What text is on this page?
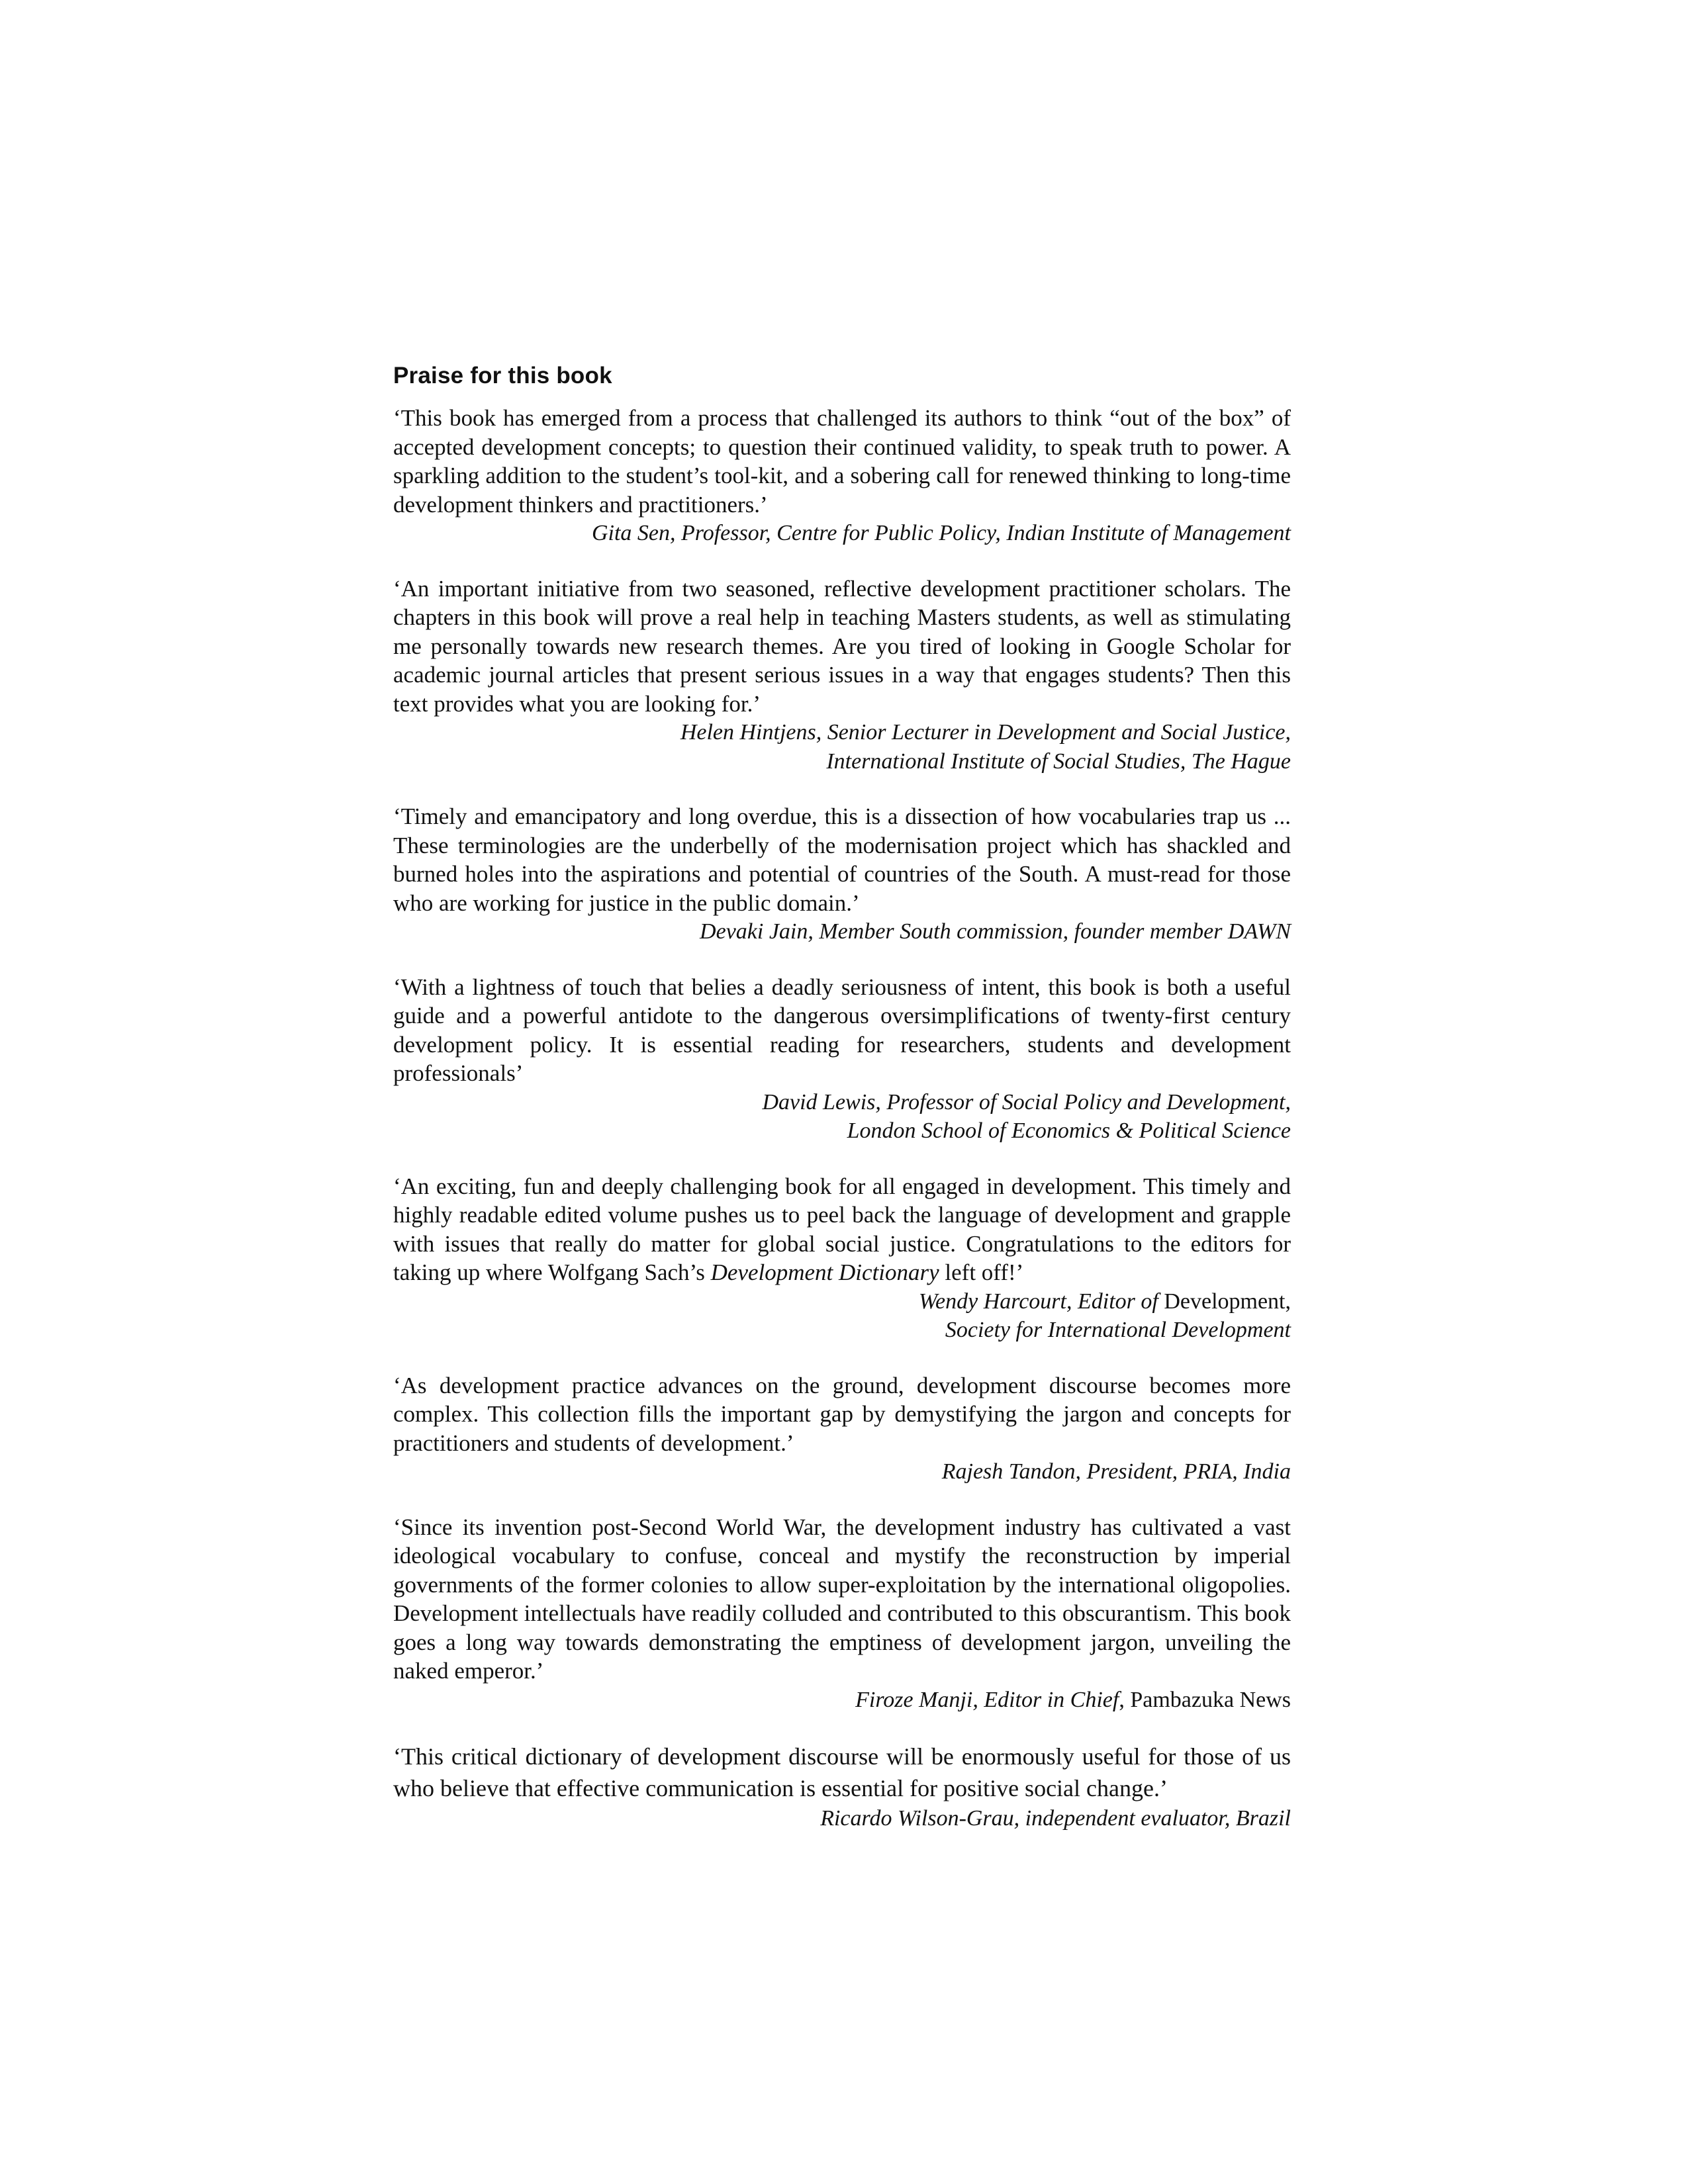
Praise for this book

‘This book has emerged from a process that challenged its authors to think “out of the box” of accepted development concepts; to question their continued validity, to speak truth to power. A sparkling addition to the student’s tool-kit, and a sobering call for renewed thinking to long-time development thinkers and practitioners.’

Gita Sen, Professor, Centre for Public Policy, Indian Institute of Management

‘An important initiative from two seasoned, reflective development practitioner scholars. The chapters in this book will prove a real help in teaching Masters students, as well as stimulating me personally towards new research themes. Are you tired of looking in Google Scholar for academic journal articles that present serious issues in a way that engages students? Then this text provides what you are looking for.’

Helen Hintjens, Senior Lecturer in Development and Social Justice,
International Institute of Social Studies, The Hague

‘Timely and emancipatory and long overdue, this is a dissection of how vocabularies trap us ... These terminologies are the underbelly of the modernisation project which has shackled and burned holes into the aspirations and potential of countries of the South. A must-read for those who are working for justice in the public domain.’

Devaki Jain, Member South commission, founder member DAWN

‘With a lightness of touch that belies a deadly seriousness of intent, this book is both a useful guide and a powerful antidote to the dangerous oversimplifications of twenty-first century development policy. It is essential reading for researchers, students and development professionals’

David Lewis, Professor of Social Policy and Development,
London School of Economics & Political Science

‘An exciting, fun and deeply challenging book for all engaged in development. This timely and highly readable edited volume pushes us to peel back the language of development and grapple with issues that really do matter for global social justice. Congratulations to the editors for taking up where Wolfgang Sach’s Development Dictionary left off!’

Wendy Harcourt, Editor of Development,
Society for International Development

‘As development practice advances on the ground, development discourse becomes more complex. This collection fills the important gap by demystifying the jargon and concepts for practitioners and students of development.’

Rajesh Tandon, President, PRIA, India

‘Since its invention post-Second World War, the development industry has cultivated a vast ideological vocabulary to confuse, conceal and mystify the reconstruction by imperial governments of the former colonies to allow super-exploitation by the international oligopolies. Development intellectuals have readily colluded and contributed to this obscurantism. This book goes a long way towards demonstrating the emptiness of development jargon, unveiling the naked emperor.’

Firoze Manji, Editor in Chief, Pambazuka News

‘This critical dictionary of development discourse will be enormously useful for those of us who believe that effective communication is essential for positive social change.’

Ricardo Wilson-Grau, independent evaluator, Brazil
